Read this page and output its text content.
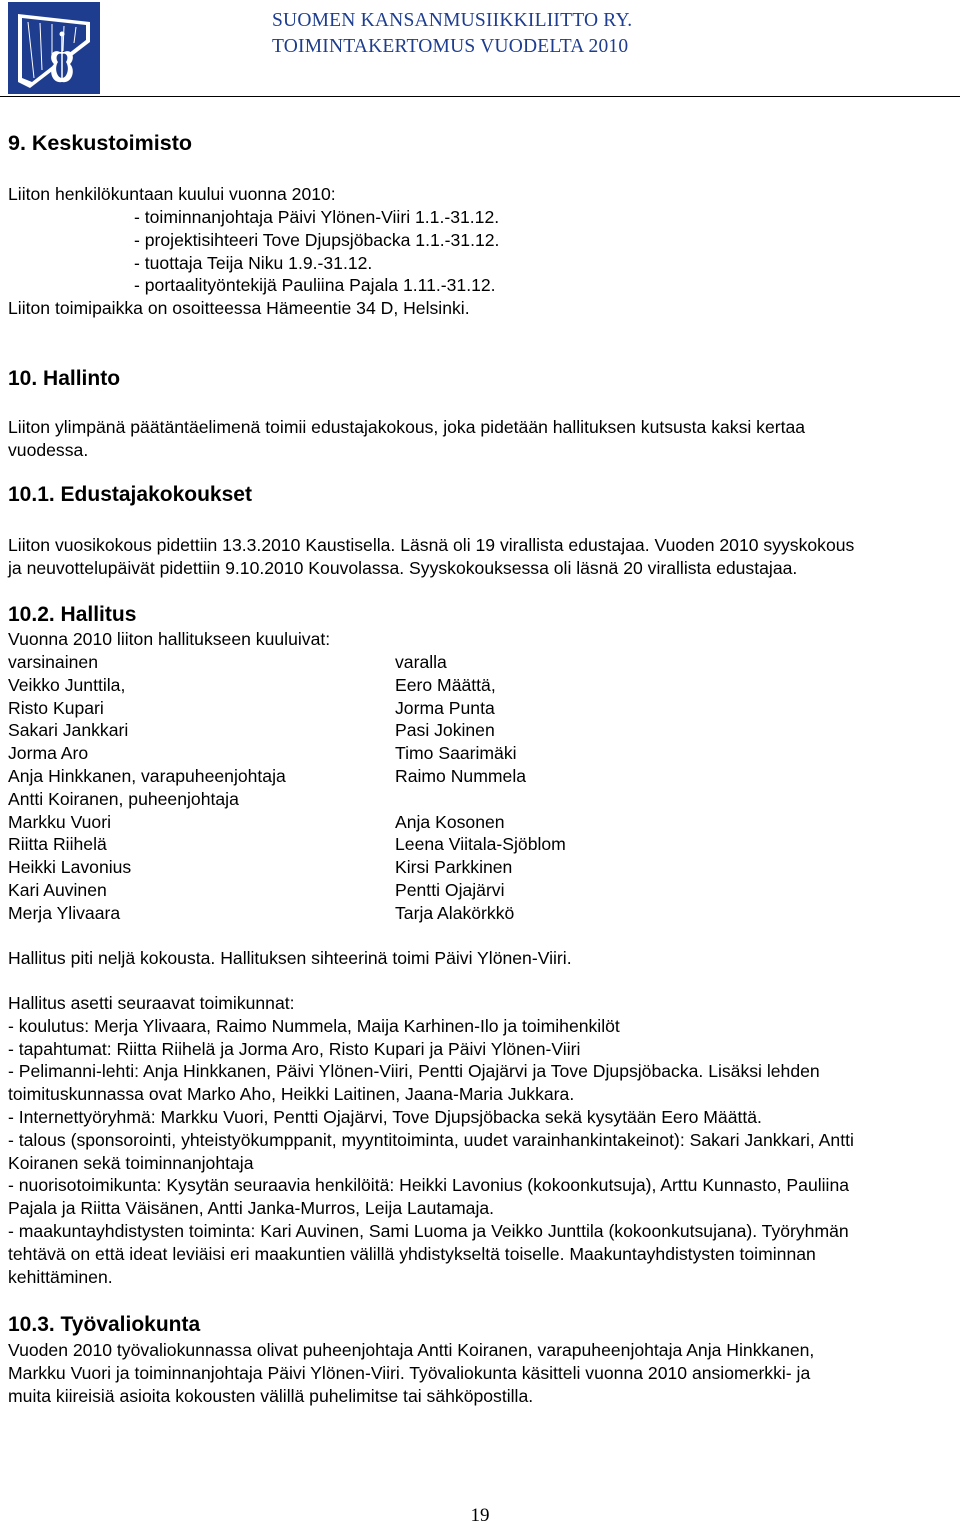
SUOMEN KANSANMUSIIKKILIITTO RY.
TOIMINTAKERTOMUS VUODELTA 2010
9. Keskustoimisto
Liiton henkilökuntaan kuului vuonna 2010:
- toiminnanjohtaja Päivi Ylönen-Viiri 1.1.-31.12.
- projektisihteeri Tove Djupsjöbacka 1.1.-31.12.
- tuottaja Teija Niku 1.9.-31.12.
- portaalityöntekijä Pauliina Pajala 1.11.-31.12.
Liiton toimipaikka on osoitteessa Hämeentie 34 D, Helsinki.
10. Hallinto
Liiton ylimpänä päätäntäelimenä toimii edustajakokous, joka pidetään hallituksen kutsusta kaksi kertaa
vuodessa.
10.1. Edustajakokoukset
Liiton vuosikokous pidettiin 13.3.2010 Kaustisella. Läsnä oli 19 virallista edustajaa. Vuoden 2010 syyskokous
ja neuvottelupäivät pidettiin 9.10.2010 Kouvolassa. Syyskokouksessa oli läsnä 20 virallista edustajaa.
10.2. Hallitus
Vuonna 2010 liiton hallitukseen kuuluivat:
varsinainen
Veikko Junttila,
Risto Kupari
Sakari Jankkari
Jorma Aro
Anja Hinkkanen, varapuheenjohtaja
Antti Koiranen, puheenjohtaja
Markku Vuori
Riitta Riihelä
Heikki Lavonius
Kari Auvinen
Merja Ylivaara
varalla
Eero Määttä,
Jorma Punta
Pasi Jokinen
Timo Saarimäki
Raimo Nummela
Anja Kosonen
Leena Viitala-Sjöblom
Kirsi Parkkinen
Pentti Ojajärvi
Tarja Alakörkkö
Hallitus piti neljä kokousta. Hallituksen sihteerinä toimi Päivi Ylönen-Viiri.
Hallitus asetti seuraavat toimikunnat:
- koulutus: Merja Ylivaara, Raimo Nummela, Maija Karhinen-Ilo ja toimihenkilöt
- tapahtumat: Riitta Riihelä ja Jorma Aro, Risto Kupari ja Päivi Ylönen-Viiri
- Pelimanni-lehti: Anja Hinkkanen, Päivi Ylönen-Viiri, Pentti Ojajärvi ja Tove Djupsjöbacka. Lisäksi lehden
toimituskunnassa ovat Marko Aho, Heikki Laitinen, Jaana-Maria Jukkara.
- Internettyöryhmä: Markku Vuori, Pentti Ojajärvi, Tove Djupsjöbacka sekä kysytään Eero Määttä.
- talous (sponsorointi, yhteistyökumppanit, myyntitoiminta, uudet varainhankintakeinot): Sakari Jankkari, Antti
Koiranen sekä toiminnanjohtaja
- nuorisotoimikunta: Kysytän seuraavia henkilöitä: Heikki Lavonius (kokoonkutsuja), Arttu Kunnasto, Pauliina
Pajala ja Riitta Väisänen, Antti Janka-Murros, Leija Lautamaja.
- maakuntayhdistysten toiminta: Kari Auvinen, Sami Luoma ja Veikko Junttila (kokoonkutsujana). Työryhmän
tehtävä on että ideat leviäisi eri maakuntien välillä yhdistykseltä toiselle. Maakuntayhdistysten toiminnan
kehittäminen.
10.3. Työvaliokunta
Vuoden 2010 työvaliokunnassa olivat puheenjohtaja Antti Koiranen, varapuheenjohtaja Anja Hinkkanen,
Markku Vuori ja toiminnanjohtaja Päivi Ylönen-Viiri. Työvaliokunta käsitteli vuonna 2010 ansiomerkki- ja
muita kiireisiä asioita kokousten välillä puhelimitse tai sähköpostilla.
19
